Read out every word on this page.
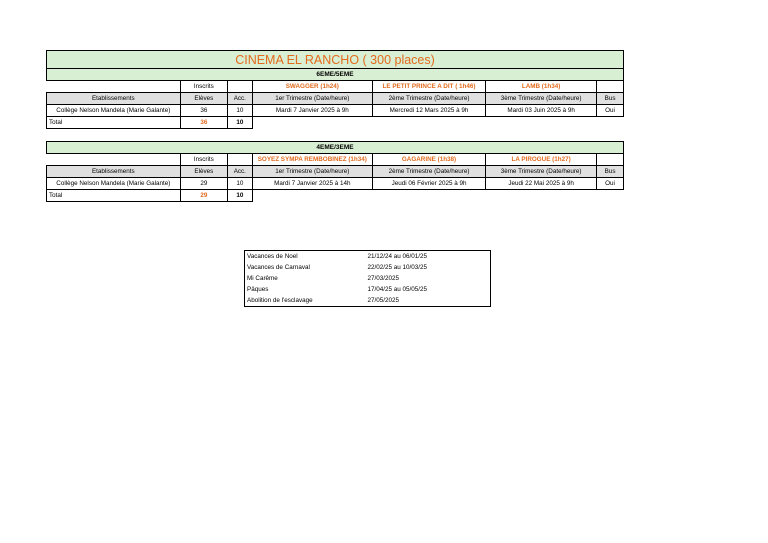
CINEMA EL RANCHO ( 300 places)						
6EME/5EME						
	Inscrits		SWAGGER (1h24)	LE PETIT PRINCE A DIT ( 1h46)	LAMB (1h34)	
Etablissements	Elèves	Acc.	1er Trimestre (Date/heure)	2ème Trimestre (Date/heure)	3ème Trimestre (Date/heure)	Bus
Collège Nelson Mandela (Marie Galante)	36	10	Mardi 7 Janvier 2025 à 9h	Mercredi 12 Mars 2025 à 9h	Mardi 03 Juin 2025 à 9h	Oui
Total	36	10				

4EME/3EME						
	Inscrits		SOYEZ SYMPA REMBOBINEZ (1h34)	GAGARINE (1h38)	LA PIROGUE (1h27)	
Etablissements	Elèves	Acc.	1er Trimestre (Date/heure)	2ème Trimestre (Date/heure)	3ème Trimestre (Date/heure)	Bus
Collège Nelson Mandela (Marie Galante)	29	10	Mardi 7 Janvier 2025 à 14h	Jeudi 06 Février 2025 à 9h	Jeudi 22 Mai 2025 à 9h	Oui
Total	29	10				
Vacances de Noel	21/12/24 au 06/01/25
Vacances de Carnaval	22/02/25 au 10/03/25
Mi Carême	27/03/2025
Pâques	17/04/25 au 05/05/25
Abolition de l'esclavage	27/05/2025
